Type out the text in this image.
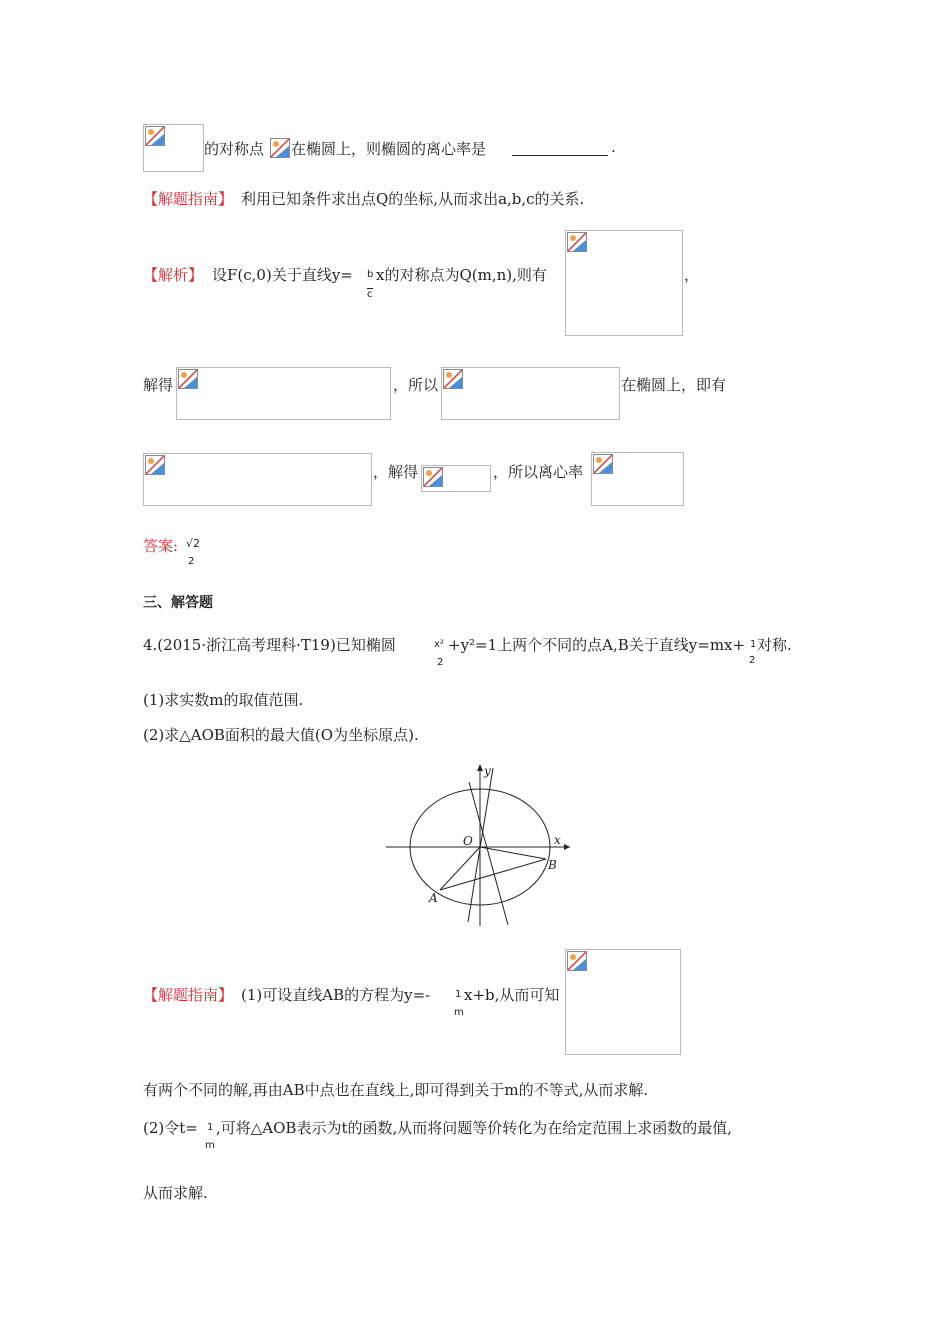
的对称点 在椭圆上，则椭圆的离心率是	.
【解题指南】 利用已知条件求出点Q的坐标,从而求出a,b,c的关系.
【解析】 设F(c,0)关于直线y= b
c
x的对称点为Q(m,n),则有	，
解得	，所以	在椭圆上，即有
，解得	，所以离心率
答案: √2
2
三、解答题
4.(2015·浙江高考理科·T19)已知椭圆	x²
2
+y²=1上两个不同的点A,B关于直线y=mx+ 1
2
对称.
(1)求实数m的取值范围.
(2)求△AOB面积的最大值(O为坐标原点).
y
x
O
A
B
【解题指南】 (1)可设直线AB的方程为y=- 1
m
x+b,从而可知
有两个不同的解,再由AB中点也在直线上,即可得到关于m的不等式,从而求解.
(2)令t= 1
m
,可将△AOB表示为t的函数,从而将问题等价转化为在给定范围上求函数的最值,
从而求解.
